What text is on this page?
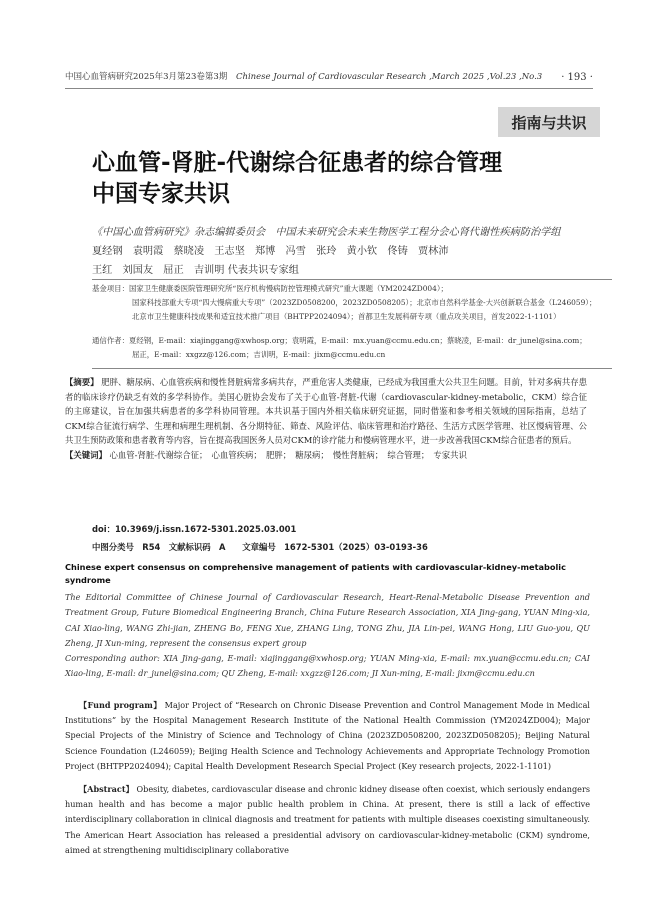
中国心血管病研究2025年3月第23卷第3期 Chinese Journal of Cardiovascular Research ,March 2025 ,Vol.23 ,No.3 · 193 ·
指南与共识
心血管-肾脏-代谢综合征患者的综合管理
中国专家共识
《中国心血管病研究》杂志编辑委员会　中国未来研究会未来生物医学工程分会心肾代谢性疾病防治学组
夏经钢　袁明霞　蔡晓凌　王志坚　郑博　冯雪　张玲　黄小钦　佟铸　贾林沛
王红　刘国友　屈正　吉训明 代表共识专家组
基金项目：国家卫生健康委医院管理研究所“医疗机构慢病防控管理模式研究”重大课题（YM2024ZD004）；
国家科技部重大专项“四大慢病重大专项”（2023ZD0508200，2023ZD0508205）；北京市自然科学基金-大兴创新联合基金（L246059）；
北京市卫生健康科技成果和适宜技术推广项目（BHTPP2024094）；首都卫生发展科研专项（重点攻关项目，首发2022-1-1101）
通信作者：夏经钢，E-mail：xiajinggang@xwhosp.org；袁明霞，E-mail：mx.yuan@ccmu.edu.cn；蔡晓凌，E-mail：dr_junel@sina.com；
屈正，E-mail：xxgzz@126.com；吉训明，E-mail：jixm@ccmu.edu.cn
【摘要】 肥胖、糖尿病、心血管疾病和慢性肾脏病常多病共存，严重危害人类健康，已经成为我国重大公共卫生问题。目前，针对多病共存患者的临床诊疗仍缺乏有效的多学科协作。美国心脏协会发布了关于心血管-肾脏-代谢（cardiovascular-kidney-metabolic，CKM）综合征的主席建议，旨在加强共病患者的多学科协同管理。本共识基于国内外相关临床研究证据，同时借鉴和参考相关领域的国际指南，总结了CKM综合征流行病学、生理和病理生理机制、各分期特征、筛查、风险评估、临床管理和治疗路径、生活方式医学管理、社区慢病管理、公共卫生预防政策和患者教育等内容，旨在提高我国医务人员对CKM的诊疗能力和慢病管理水平，进一步改善我国CKM综合征患者的预后。
【关键词】 心血管-肾脏-代谢综合征；　心血管疾病；　肥胖；　糖尿病；　慢性肾脏病；　综合管理；　专家共识
doi：10.3969/j.issn.1672-5301.2025.03.001
中图分类号　R54　文献标识码　A　　文章编号　1672-5301（2025）03-0193-36
Chinese expert consensus on comprehensive management of patients with cardiovascular-kidney-metabolic syndrome
The Editorial Committee of Chinese Journal of Cardiovascular Research, Heart-Renal-Metabolic Disease Prevention and Treatment Group, Future Biomedical Engineering Branch, China Future Research Association, XIA Jing-gang, YUAN Ming-xia, CAI Xiao-ling, WANG Zhi-jian, ZHENG Bo, FENG Xue, ZHANG Ling, TONG Zhu, JIA Lin-pei, WANG Hong, LIU Guo-you, QU Zheng, JI Xun-ming, represent the consensus expert group
Corresponding author: XIA Jing-gang, E-mail: xiajinggang@xwhosp.org; YUAN Ming-xia, E-mail: mx.yuan@ccmu.edu.cn; CAI Xiao-ling, E-mail: dr_junel@sina.com; QU Zheng, E-mail: xxgzz@126.com; JI Xun-ming, E-mail: jixm@ccmu.edu.cn

【Fund program】 Major Project of “Research on Chronic Disease Prevention and Control Management Mode in Medical Institutions” by the Hospital Management Research Institute of the National Health Commission (YM2024ZD004); Major Special Projects of the Ministry of Science and Technology of China (2023ZD0508200, 2023ZD0508205); Beijing Natural Science Foundation (L246059); Beijing Health Science and Technology Achievements and Appropriate Technology Promotion Project (BHTPP2024094); Capital Health Development Research Special Project (Key research projects, 2022-1-1101)

【Abstract】 Obesity, diabetes, cardiovascular disease and chronic kidney disease often coexist, which seriously endangers human health and has become a major public health problem in China. At present, there is still a lack of effective interdisciplinary collaboration in clinical diagnosis and treatment for patients with multiple diseases coexisting simultaneously. The American Heart Association has released a presidential advisory on cardiovascular-kidney-metabolic (CKM) syndrome, aimed at strengthening multidisciplinary collaborative
